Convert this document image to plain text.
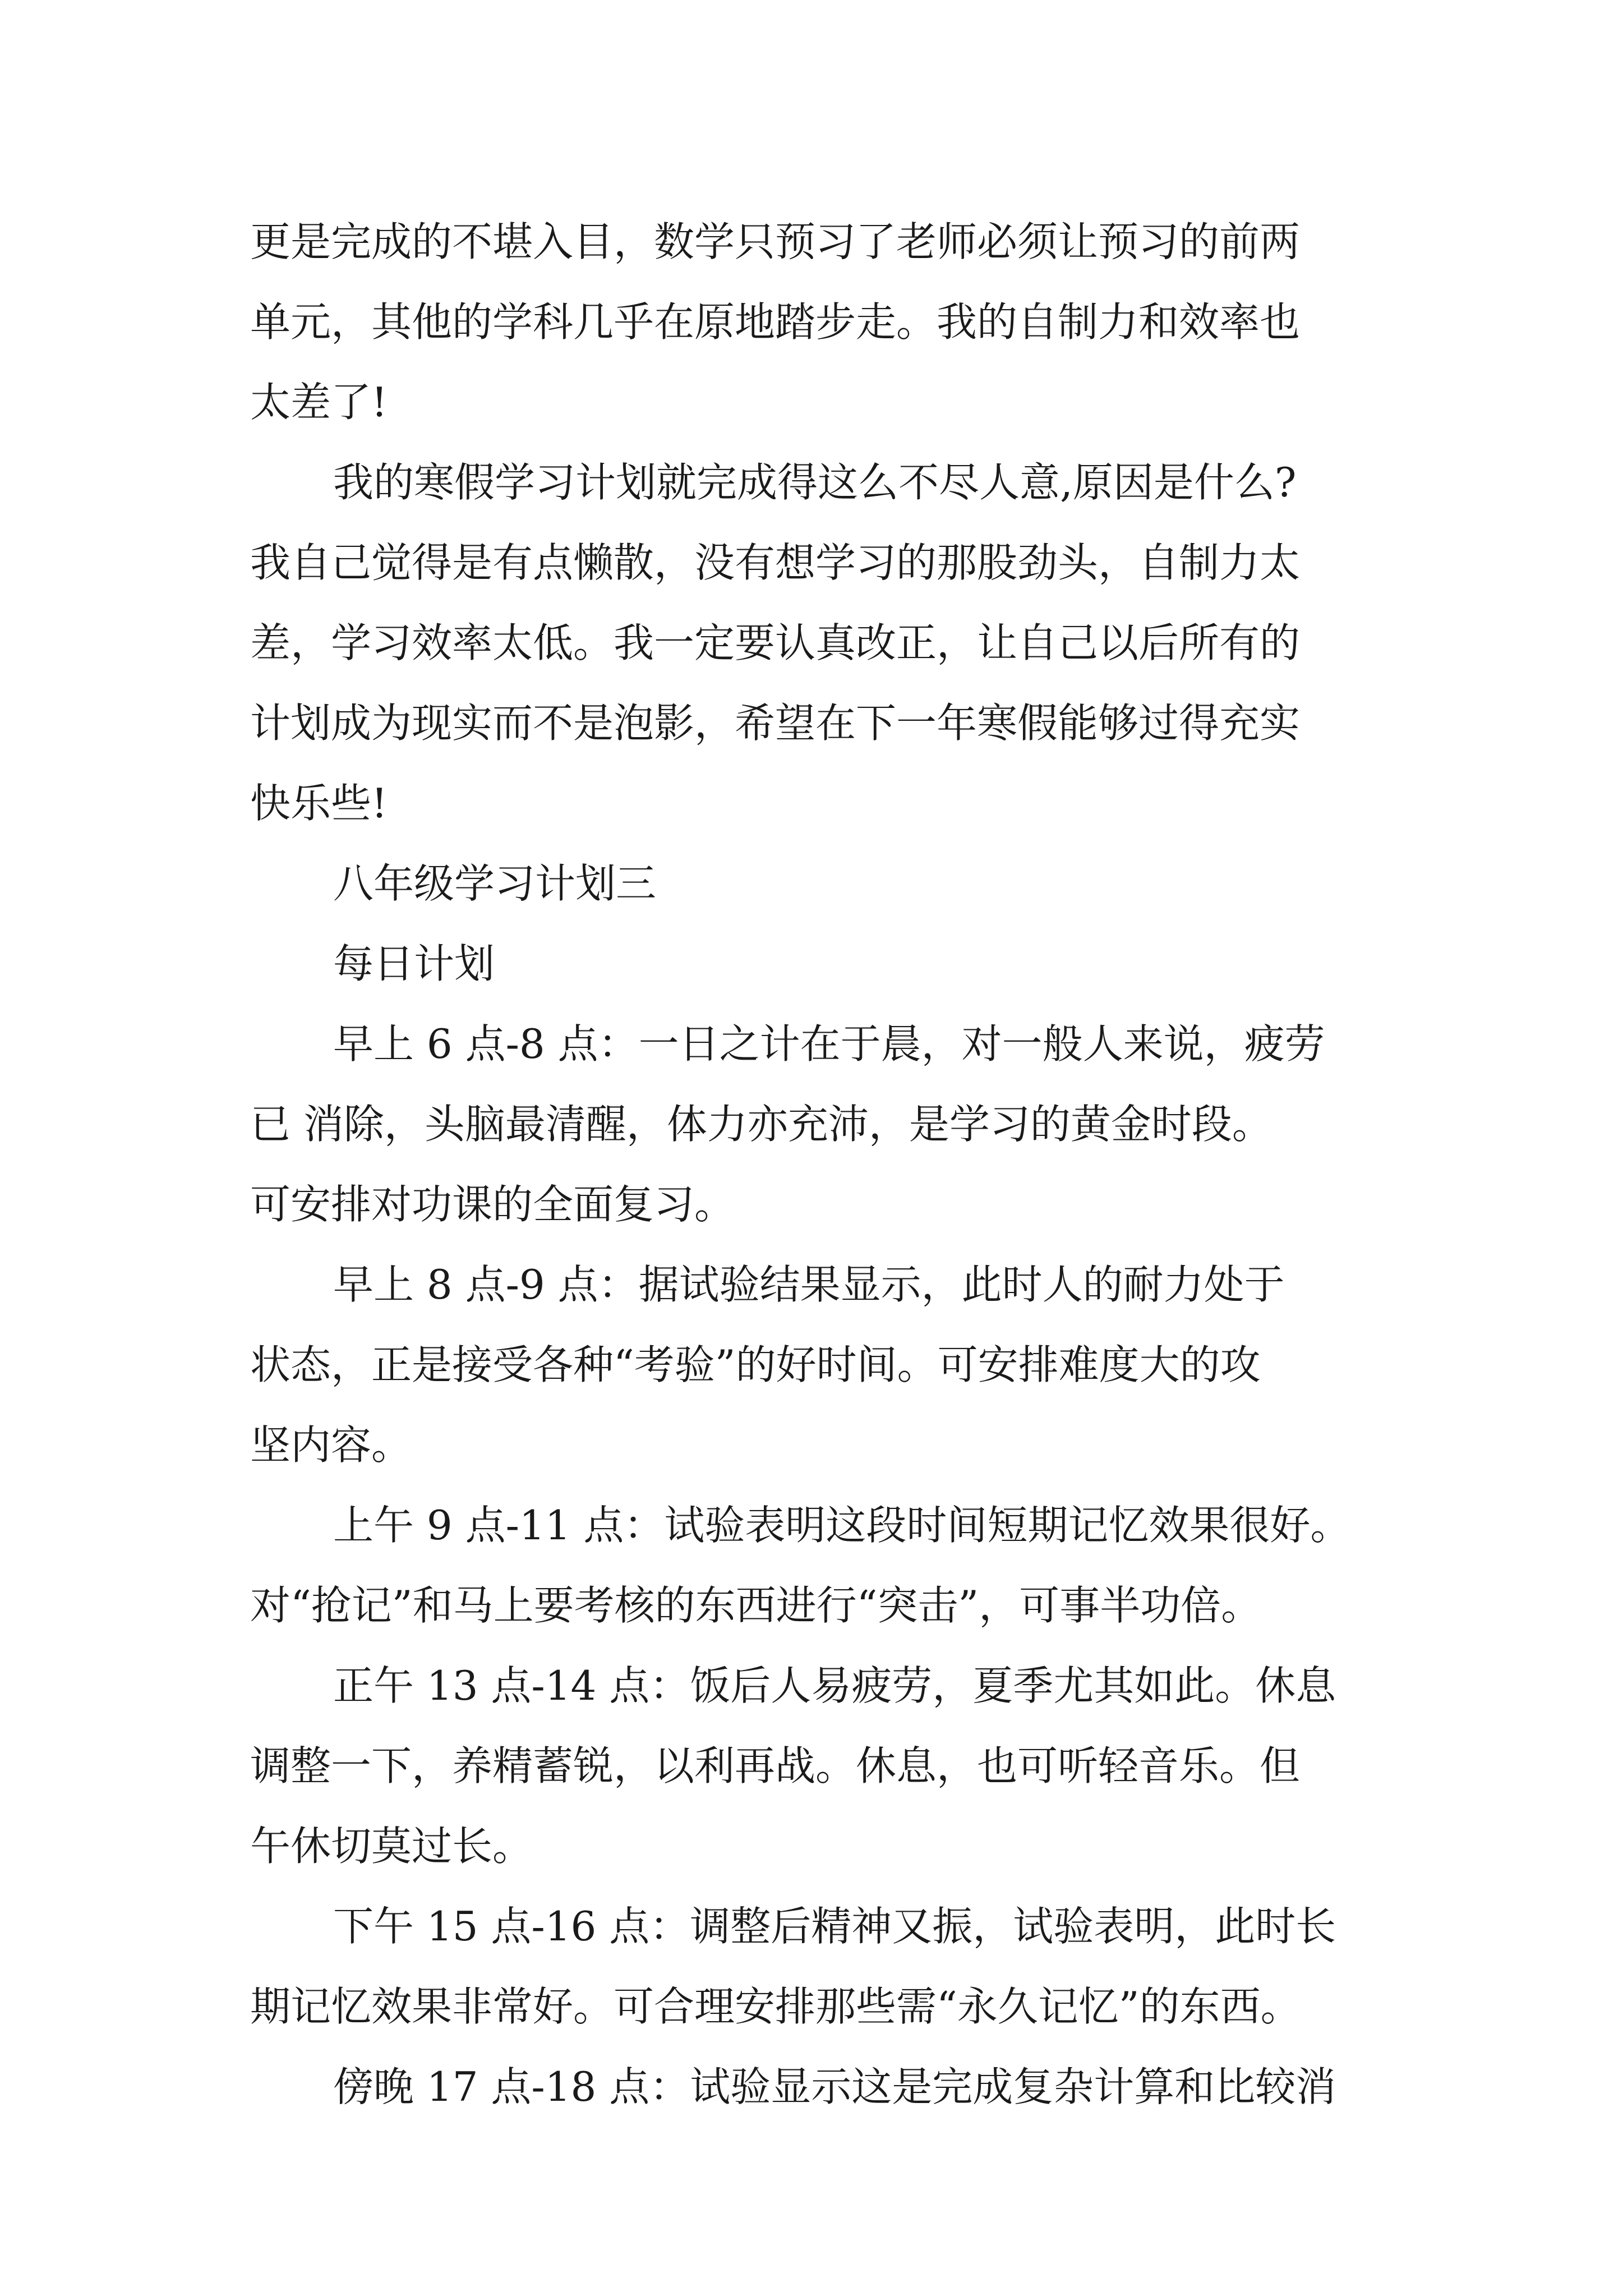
更是完成的不堪入目，数学只预习了老师必须让预习的前两
单元，其他的学科几乎在原地踏步走。我的自制力和效率也
太差了!
我的寒假学习计划就完成得这么不尽人意,原因是什么?
我自己觉得是有点懒散，没有想学习的那股劲头，自制力太
差，学习效率太低。我一定要认真改正，让自己以后所有的
计划成为现实而不是泡影，希望在下一年寒假能够过得充实
快乐些!
八年级学习计划三
每日计划
早上 6 点-8 点：一日之计在于晨，对一般人来说，疲劳
已 消除，头脑最清醒，体力亦充沛，是学习的黄金时段。
可安排对功课的全面复习。
早上 8 点-9 点：据试验结果显示，此时人的耐力处于
状态，正是接受各种“考验”的好时间。可安排难度大的攻
坚内容。
上午 9 点-11 点：试验表明这段时间短期记忆效果很好。
对“抢记”和马上要考核的东西进行“突击”，可事半功倍。
正午 13 点-14 点：饭后人易疲劳，夏季尤其如此。休息
调整一下，养精蓄锐，以利再战。休息，也可听轻音乐。但
午休切莫过长。
下午 15 点-16 点：调整后精神又振，试验表明，此时长
期记忆效果非常好。可合理安排那些需“永久记忆”的东西。
傍晚 17 点-18 点：试验显示这是完成复杂计算和比较消
